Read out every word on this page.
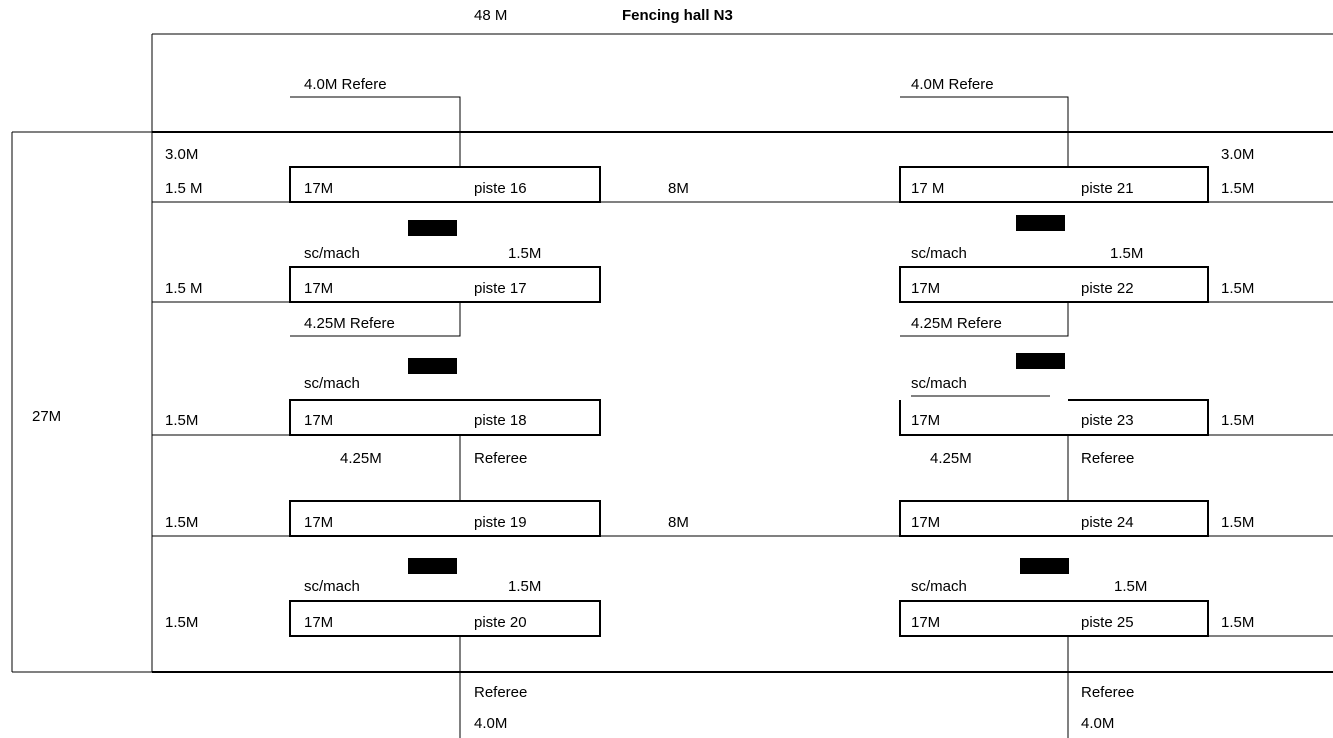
48 M	Fencing hall N3
27M
4.0M Refere	4.0M Refere
3.0M	3.0M
1.5 M	17M	piste 16	8M	17 M	piste 21	1.5M
sc/mach	1.5M	sc/mach	1.5M
1.5 M	17M	piste 17	17M	piste 22	1.5M
4.25M Refere	4.25M Refere
sc/mach	sc/mach
1.5M	17M	piste 18	17M	piste 23	1.5M
4.25M	Referee	4.25M	Referee
1.5M	17M	piste 19	8M	17M	piste 24	1.5M
sc/mach	1.5M	sc/mach	1.5M
1.5M	17M	piste 20	17M	piste 25	1.5M
Referee
4.0M
Referee
4.0M
